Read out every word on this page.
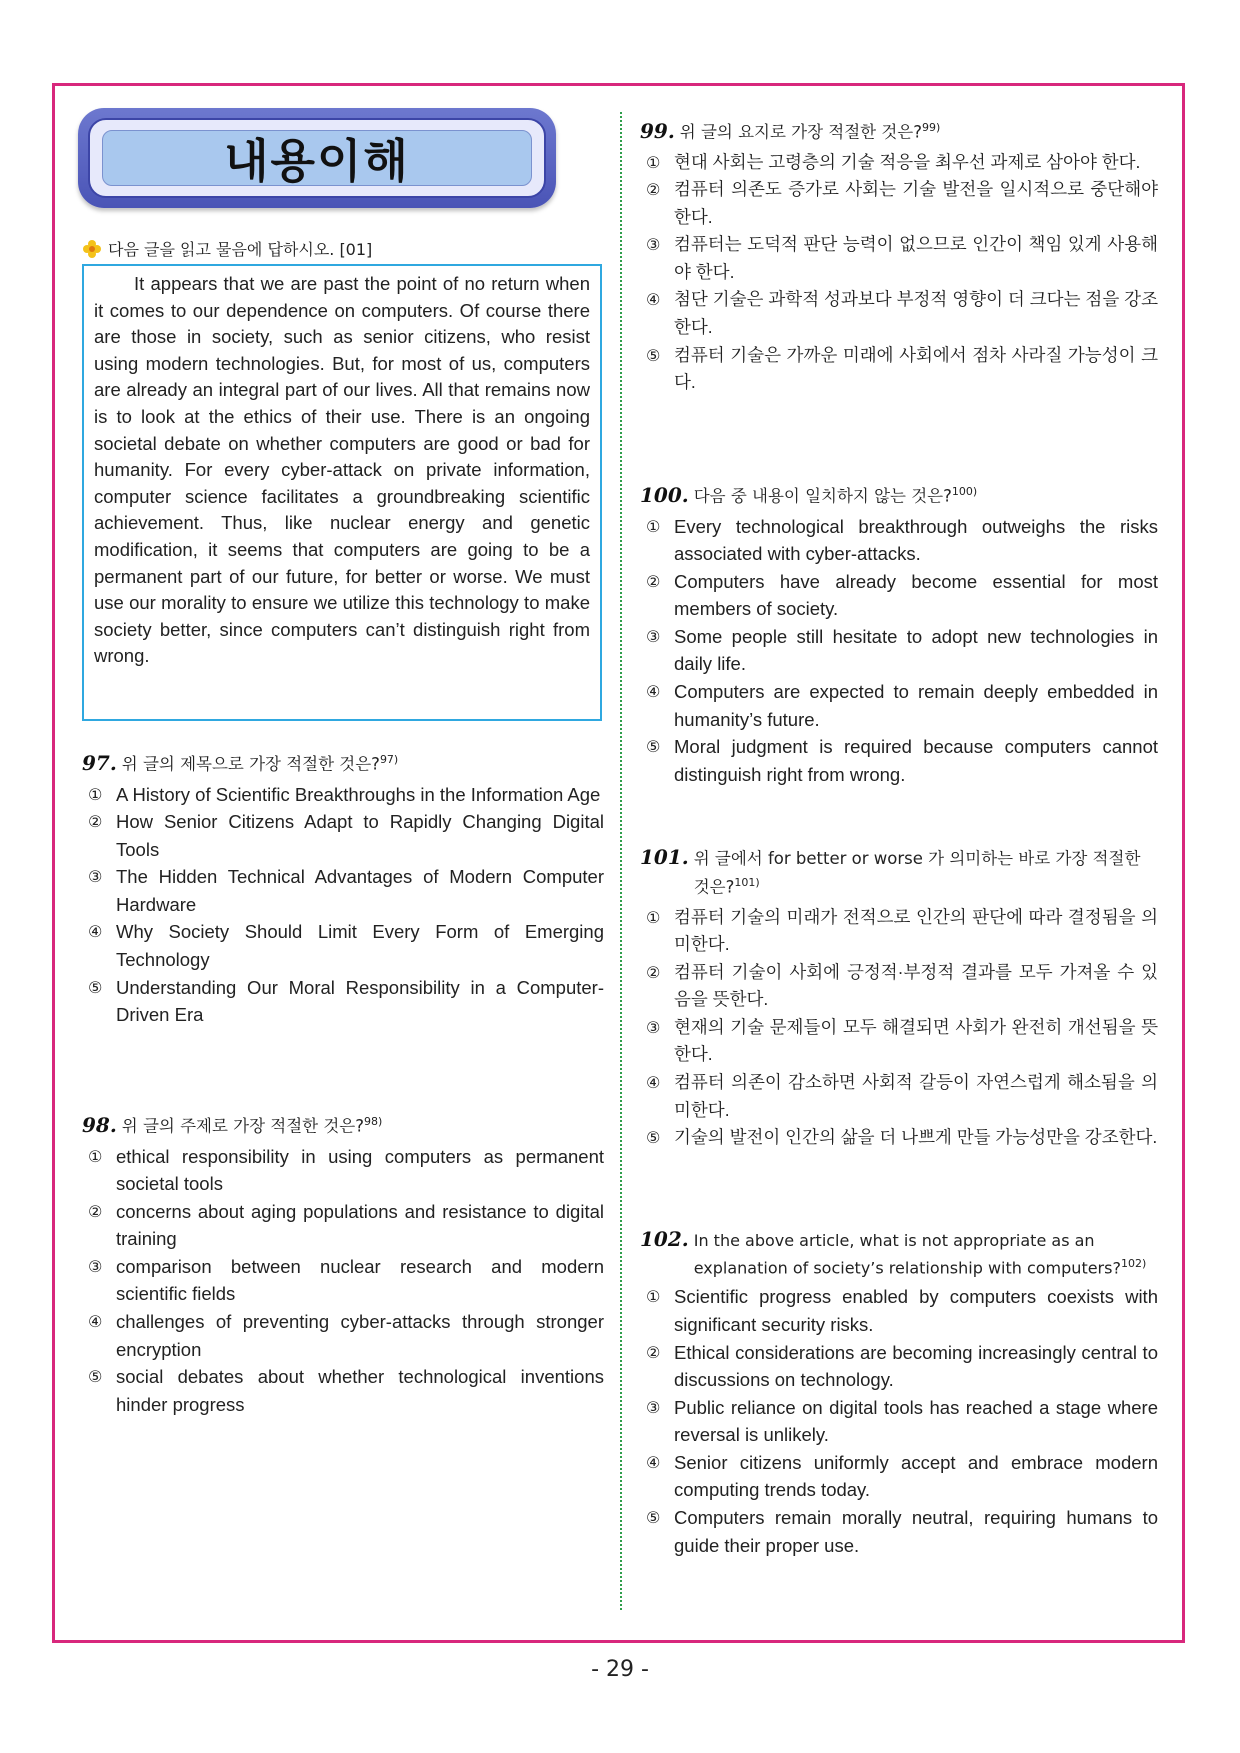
내용이해
다음 글을 읽고 물음에 답하시오. [01]

It appears that we are past the point of no return when it comes to our dependence on computers. Of course there are those in society, such as senior citizens, who resist using modern technologies. But, for most of us, computers are already an integral part of our lives. All that remains now is to look at the ethics of their use. There is an ongoing societal debate on whether computers are good or bad for humanity. For every cyber-attack on private information, computer science facilitates a groundbreaking scientific achievement. Thus, like nuclear energy and genetic modification, it seems that computers are going to be a permanent part of our future, for better or worse. We must use our morality to ensure we utilize this technology to make society better, since computers can’t distinguish right from wrong.

97. 위 글의 제목으로 가장 적절한 것은?$^{97)}$
① A History of Scientific Breakthroughs in the Information Age
② How Senior Citizens Adapt to Rapidly Changing Digital Tools
③ The Hidden Technical Advantages of Modern Computer Hardware
④ Why Society Should Limit Every Form of Emerging Technology
⑤ Understanding Our Moral Responsibility in a Computer-Driven Era
98. 위 글의 주제로 가장 적절한 것은?$^{98)}$
① ethical responsibility in using computers as permanent societal tools
② concerns about aging populations and resistance to digital training
③ comparison between nuclear research and modern scientific fields
④ challenges of preventing cyber-attacks through stronger encryption
⑤ social debates about whether technological inventions hinder progress
99. 위 글의 요지로 가장 적절한 것은?$^{99)}$
① 현대 사회는 고령층의 기술 적응을 최우선 과제로 삼아야 한다.
② 컴퓨터 의존도 증가로 사회는 기술 발전을 일시적으로 중단해야 한다.
③ 컴퓨터는 도덕적 판단 능력이 없으므로 인간이 책임 있게 사용해야 한다.
④ 첨단 기술은 과학적 성과보다 부정적 영향이 더 크다는 점을 강조한다.
⑤ 컴퓨터 기술은 가까운 미래에 사회에서 점차 사라질 가능성이 크다.
100. 다음 중 내용이 일치하지 않는 것은?$^{100)}$
① Every technological breakthrough outweighs the risks associated with cyber-attacks.
② Computers have already become essential for most members of society.
③ Some people still hesitate to adopt new technologies in daily life.
④ Computers are expected to remain deeply embedded in humanity’s future.
⑤ Moral judgment is required because computers cannot distinguish right from wrong.
101. 위 글에서 for better or worse 가 의미하는 바로 가장 적절한 것은?$^{101)}$
① 컴퓨터 기술의 미래가 전적으로 인간의 판단에 따라 결정됨을 의미한다.
② 컴퓨터 기술이 사회에 긍정적·부정적 결과를 모두 가져올 수 있음을 뜻한다.
③ 현재의 기술 문제들이 모두 해결되면 사회가 완전히 개선됨을 뜻한다.
④ 컴퓨터 의존이 감소하면 사회적 갈등이 자연스럽게 해소됨을 의미한다.
⑤ 기술의 발전이 인간의 삶을 더 나쁘게 만들 가능성만을 강조한다.
102. In the above article, what is not appropriate as an explanation of society’s relationship with computers?$^{102)}$
① Scientific progress enabled by computers coexists with significant security risks.
② Ethical considerations are becoming increasingly central to discussions on technology.
③ Public reliance on digital tools has reached a stage where reversal is unlikely.
④ Senior citizens uniformly accept and embrace modern computing trends today.
⑤ Computers remain morally neutral, requiring humans to guide their proper use.
- 29 -
